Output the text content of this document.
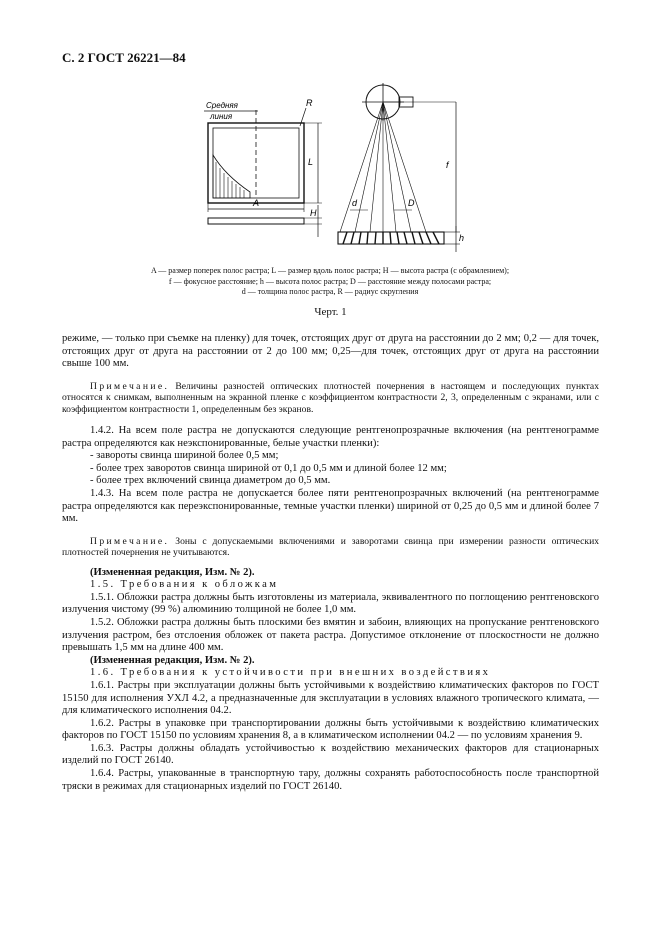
С. 2 ГОСТ 26221—84
Средняя
линия
R
L
A
H
f
d	D
h
A — размер поперек полос растра; L — размер вдоль полос растра; H — высота растра (с обрамлением);
f — фокусное расстояние; h — высота полос растра; D — расстояние между полосами растра;
d — толщина полос растра, R — радиус скругления
Черт. 1

режиме, — только при съемке на пленку) для точек, отстоящих друг от друга на расстоянии до 2 мм; 0,2 — для точек, отстоящих друг от друга на расстоянии от 2 до 100 мм; 0,25—для точек, отстоящих друг от друга на расстоянии свыше 100 мм.

Примечание. Величины разностей оптических плотностей почернения в настоящем и последующих пунктах относятся к снимкам, выполненным на экранной пленке с коэффициентом контрастности 2, 3, определенным с экранами, или с коэффициентом контрастности 1, определенным без экранов.

1.4.2. На всем поле растра не допускаются следующие рентгенопрозрачные включения (на рентгенограмме растра определяются как неэкспонированные, белые участки пленки):

- завороты свинца шириной более 0,5 мм;

- более трех заворотов свинца шириной от 0,1 до 0,5 мм и длиной более 12 мм;

- более трех включений свинца диаметром до 0,5 мм.

1.4.3. На всем поле растра не допускается более пяти рентгенопрозрачных включений (на рентгенограмме растра определяются как переэкспонированные, темные участки пленки) шириной от 0,25 до 0,5 мм и длиной более 7 мм.

Примечание. Зоны с допускаемыми включениями и заворотами свинца при измерении разности оптических плотностей почернения не учитываются.

(Измененная редакция, Изм. № 2).

1.5. Требования к обложкам

1.5.1. Обложки растра должны быть изготовлены из материала, эквивалентного по поглощению рентгеновского излучения чистому (99 %) алюминию толщиной не более 1,0 мм.

1.5.2. Обложки растра должны быть плоскими без вмятин и забоин, влияющих на пропускание рентгеновского излучения растром, без отслоения обложек от пакета растра. Допустимое отклонение от плоскостности не должно превышать 1,5 мм на длине 400 мм.

(Измененная редакция, Изм. № 2).

1.6. Требования к устойчивости при внешних воздействиях

1.6.1. Растры при эксплуатации должны быть устойчивыми к воздействию климатических факторов по ГОСТ 15150 для исполнения УХЛ 4.2, а предназначенные для эксплуатации в условиях влажного тропического климата, — для климатического исполнения 04.2.

1.6.2. Растры в упаковке при транспортировании должны быть устойчивыми к воздействию климатических факторов по ГОСТ 15150 по условиям хранения 8, а в климатическом исполнении 04.2 — по условиям хранения 9.

1.6.3. Растры должны обладать устойчивостью к воздействию механических факторов для стационарных изделий по ГОСТ 26140.

1.6.4. Растры, упакованные в транспортную тару, должны сохранять работоспособность после транспортной тряски в режимах для стационарных изделий по ГОСТ 26140.
